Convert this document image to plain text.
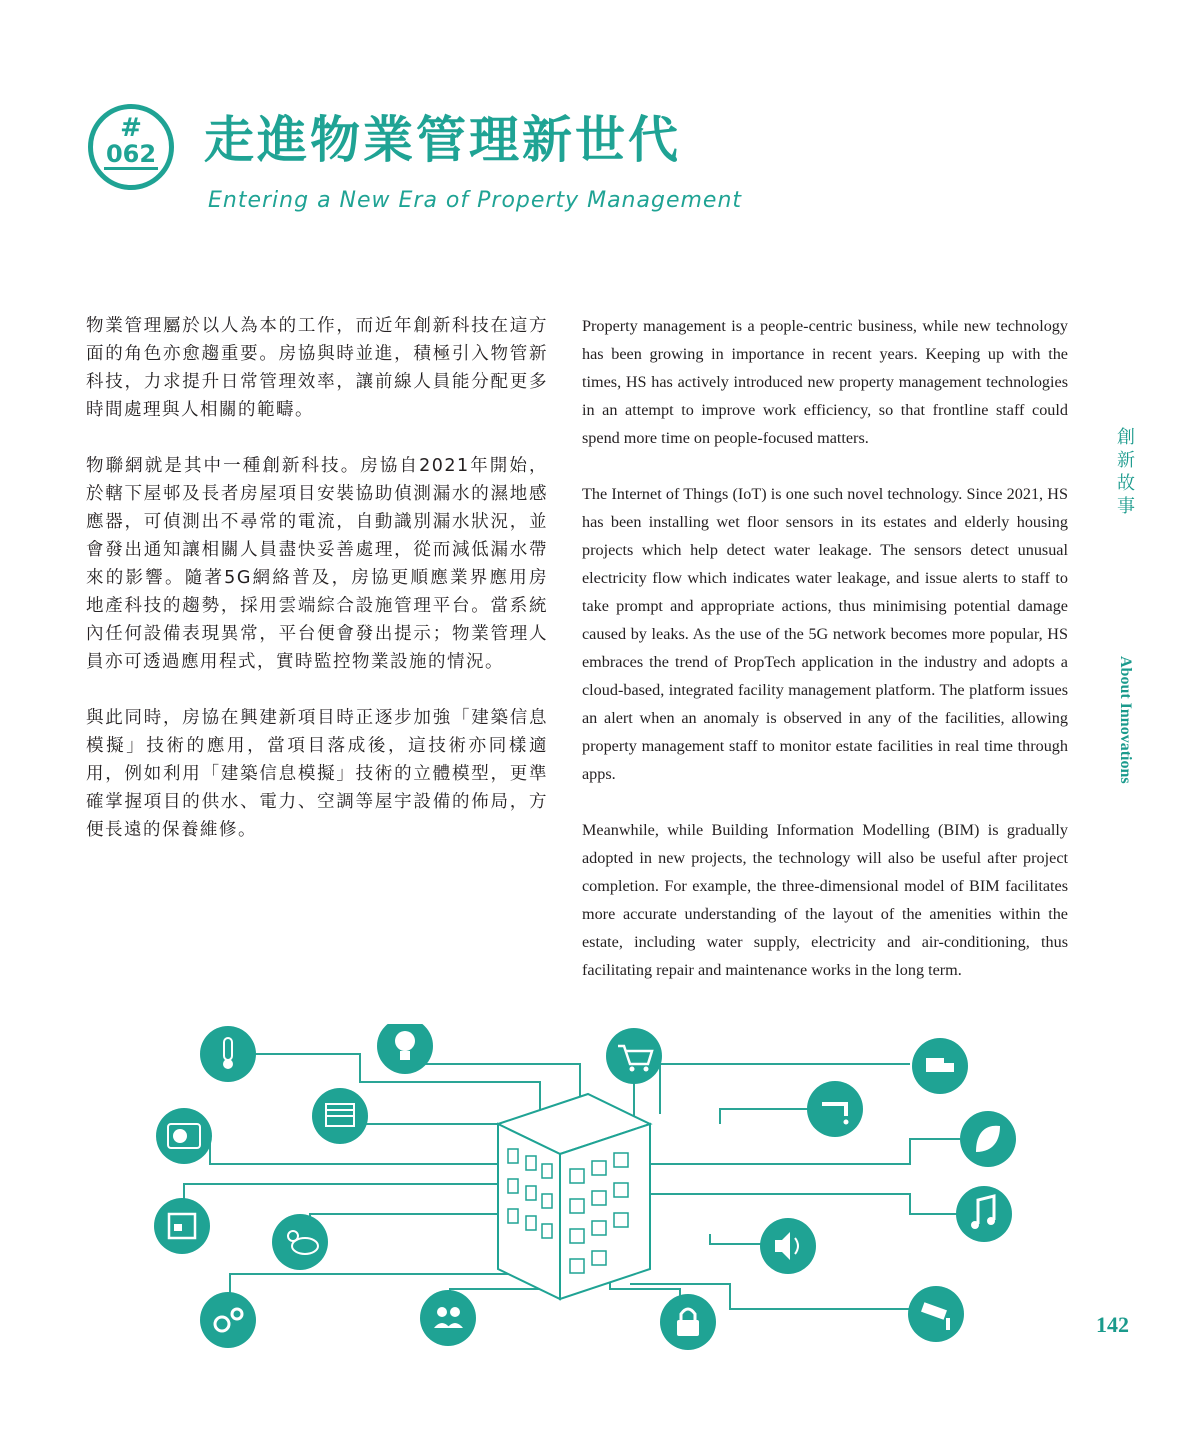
#
062 走進物業管理新世代
Entering a New Era of Property Management

物業管理屬於以人為本的工作，而近年創新科技在這方面的角色亦愈趨重要。房協與時並進，積極引入物管新科技，力求提升日常管理效率，讓前線人員能分配更多時間處理與人相關的範疇。

物聯網就是其中一種創新科技。房協自2021年開始，於轄下屋邨及長者房屋項目安裝協助偵測漏水的濕地感應器，可偵測出不尋常的電流，自動識別漏水狀況，並會發出通知讓相關人員盡快妥善處理，從而減低漏水帶來的影響。隨著5G網絡普及，房協更順應業界應用房地產科技的趨勢，採用雲端綜合設施管理平台。當系統內任何設備表現異常，平台便會發出提示；物業管理人員亦可透過應用程式，實時監控物業設施的情況。

與此同時，房協在興建新項目時正逐步加強「建築信息模擬」技術的應用，當項目落成後，這技術亦同樣適用，例如利用「建築信息模擬」技術的立體模型，更準確掌握項目的供水、電力、空調等屋宇設備的佈局，方便長遠的保養維修。

Property management is a people-centric business, while new technology has been growing in importance in recent years. Keeping up with the times, HS has actively introduced new property management technologies in an attempt to improve work efficiency, so that frontline staff could spend more time on people-focused matters.

The Internet of Things (IoT) is one such novel technology. Since 2021, HS has been installing wet floor sensors in its estates and elderly housing projects which help detect water leakage. The sensors detect unusual electricity flow which indicates water leakage, and issue alerts to staff to take prompt and appropriate actions, thus minimising potential damage caused by leaks. As the use of the 5G network becomes more popular, HS embraces the trend of PropTech application in the industry and adopts a cloud-based, integrated facility management platform. The platform issues an alert when an anomaly is observed in any of the facilities, allowing property management staff to monitor estate facilities in real time through apps.

Meanwhile, while Building Information Modelling (BIM) is gradually adopted in new projects, the technology will also be useful after project completion. For example, the three-dimensional model of BIM facilitates more accurate understanding of the layout of the amenities within the estate, including water supply, electricity and air-conditioning, thus facilitating repair and maintenance works in the long term.

創
新
故
事
About Innovations
142
